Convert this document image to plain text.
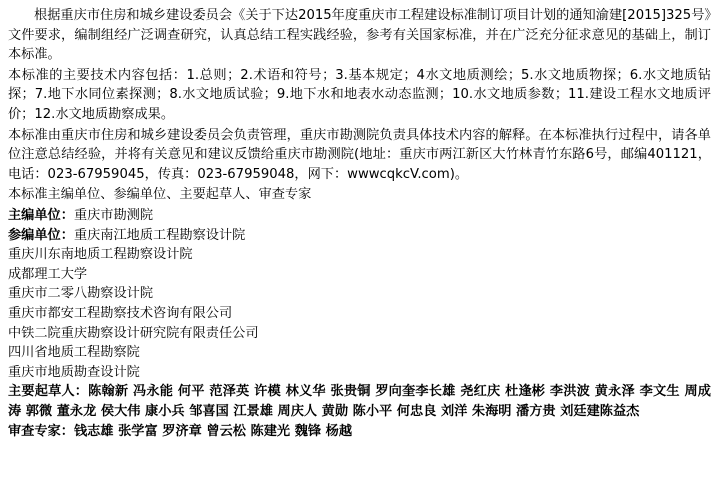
根据重庆市住房和城乡建设委员会《关于下达2015年度重庆市工程建设标准制订项目计划的通知渝建[2015]325号》文件要求，编制组经广泛调查研究，认真总结工程实践经验，参考有关国家标准，并在广泛充分征求意见的基础上，制订本标准。

本标准的主要技术内容包括：1.总则；2.术语和符号；3.基本规定；4水文地质测绘；5.水文地质物探；6.水文地质钻探；7.地下水同位素探测；8.水文地质试验；9.地下水和地表水动态监测；10.水文地质参数；11.建设工程水文地质评价；12.水文地质勘察成果。

本标准由重庆市住房和城乡建设委员会负责管理，重庆市勘测院负责具体技术内容的解释。在本标准执行过程中，请各单位注意总结经验，并将有关意见和建议反馈给重庆市勘测院(地址：重庆市两江新区大竹林青竹东路6号，邮编401121，电话：023-67959045，传真：023-67959048，网下：wwwcqkcV.com)。

本标准主编单位、参编单位、主要起草人、审查专家

主编单位：重庆市勘测院

参编单位：重庆南江地质工程勘察设计院

重庆川东南地质工程勘察设计院

成都理工大学

重庆市二零八勘察设计院

重庆市都安工程勘察技术咨询有限公司

中铁二院重庆勘察设计研究院有限责任公司

四川省地质工程勘察院

重庆市地质勘查设计院

主要起草人：陈翰新 冯永能 何平 范泽英 许模 林义华 张贵铜 罗向奎李长雄 尧红庆 杜逢彬 李洪波 黄永泽 李文生 周成涛 郭微 董永龙 侯大伟 康小兵 邹喜国 江景雄 周庆人 黄勋 陈小平 何忠良 刘洋 朱海明 潘方贵 刘廷建陈益杰

审查专家：钱志雄 张学富 罗济章 曾云松 陈建光 魏锋 杨越
